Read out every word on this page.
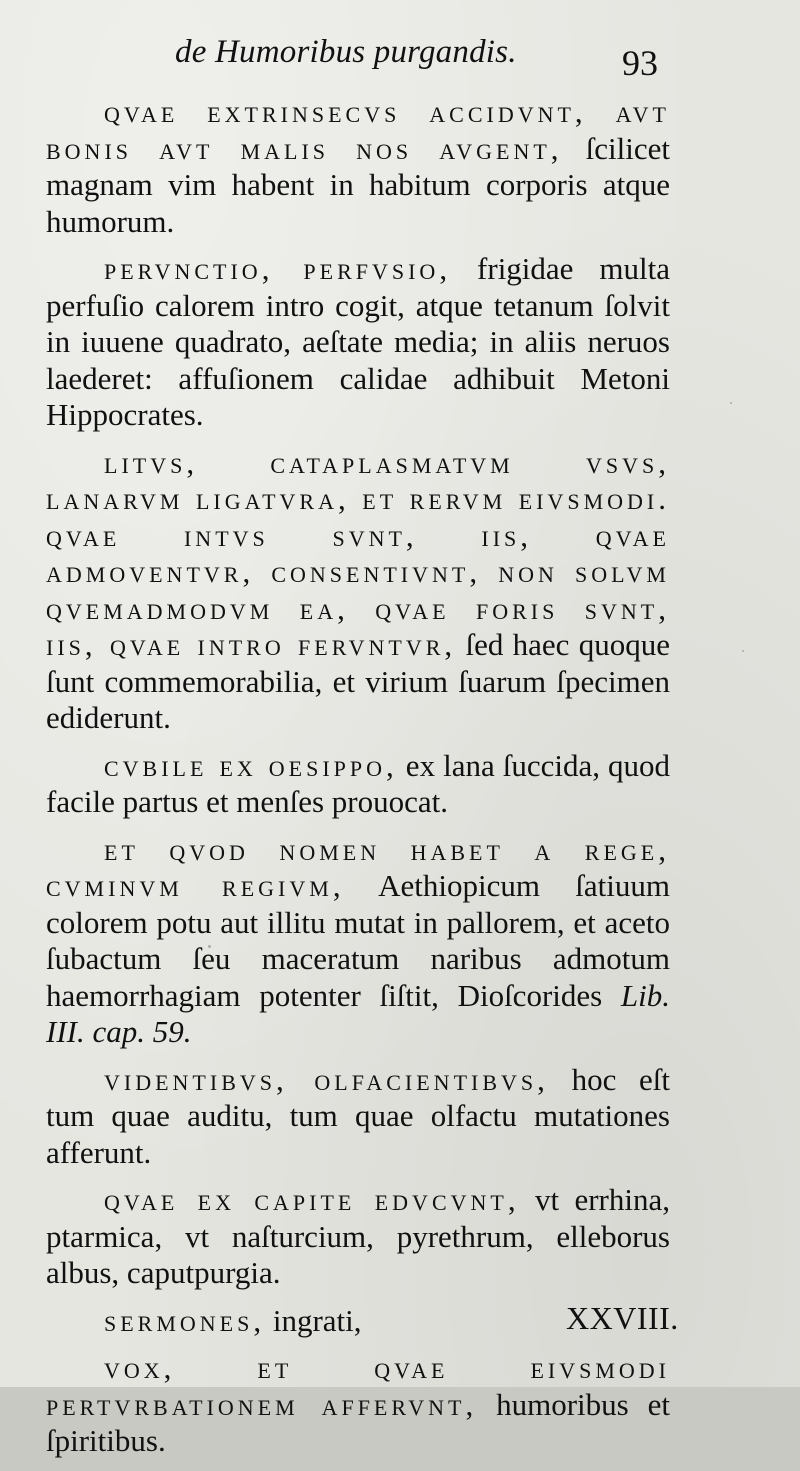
de Humoribus purgandis.	93

qvae extrinsecvs accidvnt, avt bonis avt malis nos avgent, ſcilicet magnam vim habent in habitum corporis atque humorum.

pervnctio, perfvsio, frigidae multa perfuſio calorem intro cogit, atque tetanum ſolvit in iuuene quadrato, aeſtate media; in aliis neruos laederet: affuſionem calidae adhibuit Metoni Hippocrates.

litvs, cataplasmatvm vsvs, lanarvm ligatvra, et rervm eivsmodi. qvae intvs svnt, iis, qvae admoventvr, consentivnt, non solvm qvemadmodvm ea, qvae foris svnt, iis, qvae intro fervntvr, ſed haec quoque ſunt commemorabilia, et virium ſuarum ſpecimen ediderunt.

cvbile ex oesippo, ex lana ſuccida, quod facile partus et menſes prouocat.

et qvod nomen habet a rege, cvminvm regivm, Aethiopicum ſatiuum colorem potu aut illitu mutat in pallorem, et aceto ſubactum ſeu maceratum naribus admotum haemorrhagiam potenter ſiſtit, Dioſcorides Lib. III. cap. 59.

videntibvs, olfacientibvs, hoc eſt tum quae auditu, tum quae olfactu mutationes afferunt.

qvae ex capite edvcvnt, vt errhina, ptarmica, vt naſturcium, pyrethrum, elleborus albus, caputpurgia.

sermones, ingrati,

vox, et qvae eivsmodi pertvrbationem affervnt, humoribus et ſpiritibus.

XXVIII.
